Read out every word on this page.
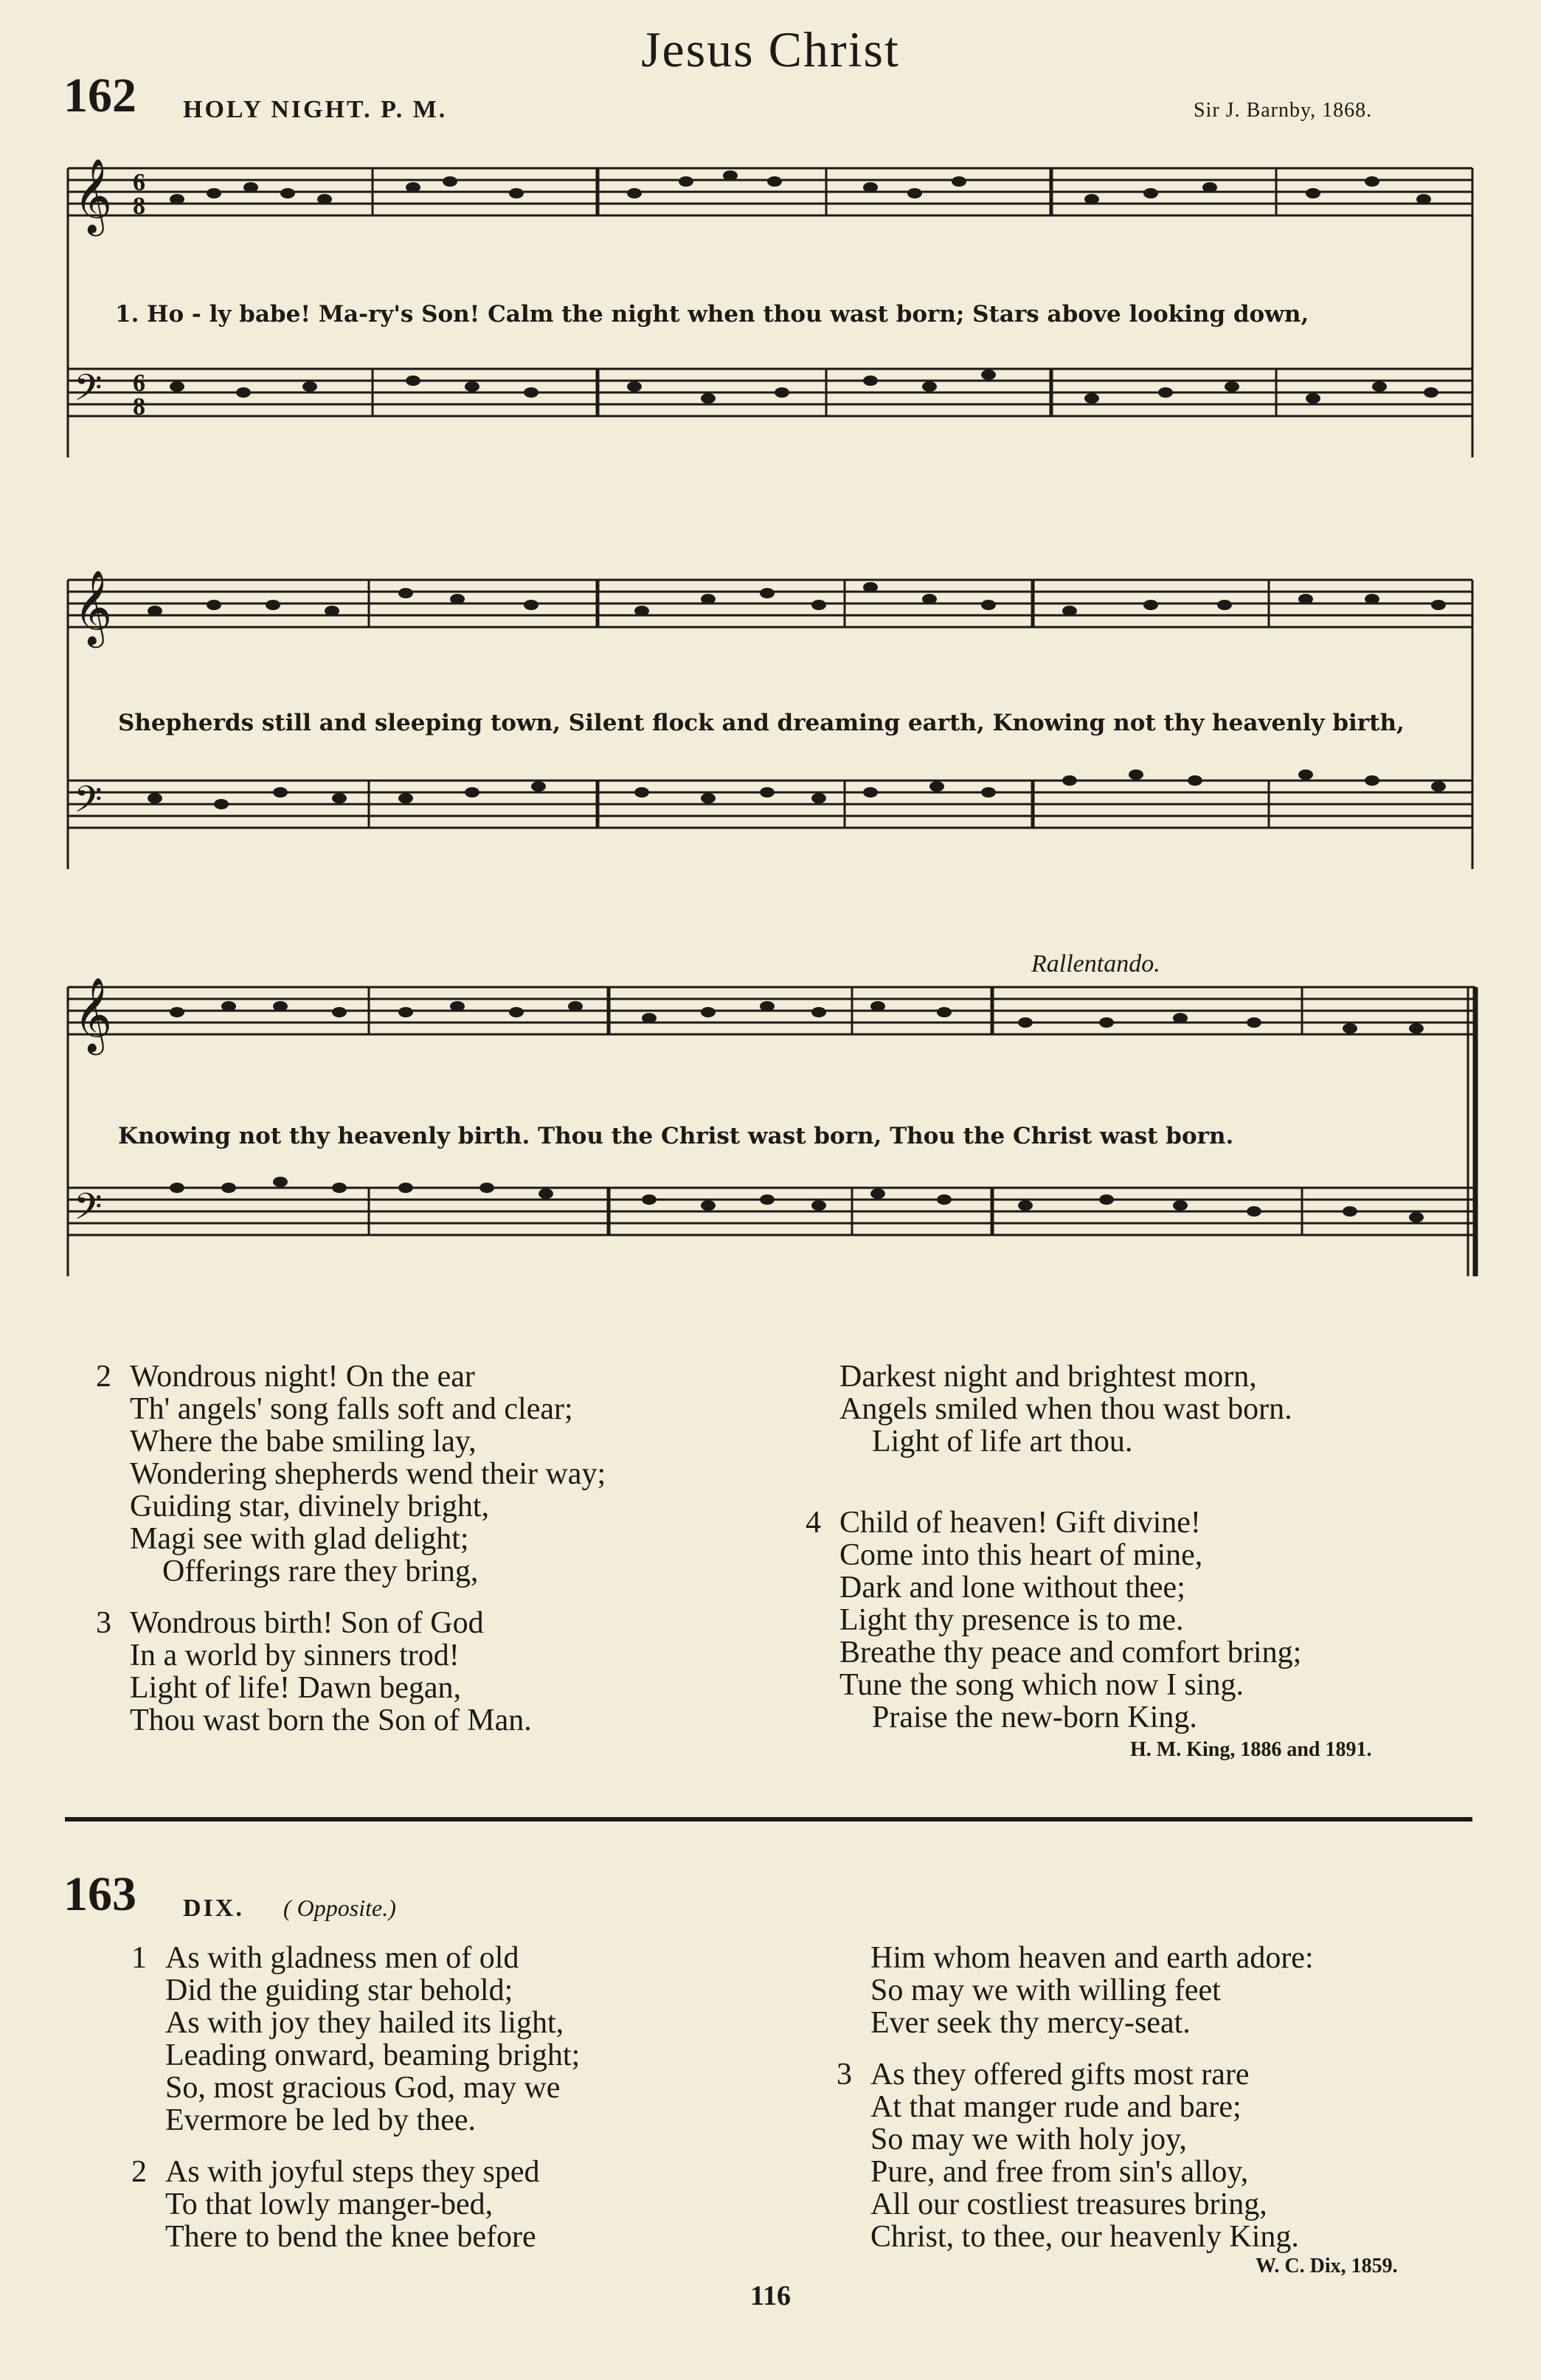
Jesus Christ
162 HOLY NIGHT. P. M.	Sir J. Barnby, 1868.
𝄞
𝄢
6
8
6
8
1. Ho - ly babe! Ma-ry's Son! Calm the night when thou wast born; Stars above looking down,
𝄞
𝄢
Shepherds still and sleeping town, Silent flock and dreaming earth, Knowing not thy heavenly birth,
Rallentando.
𝄞
𝄢
Knowing not thy heavenly birth. Thou the Christ wast born, Thou the Christ wast born.
2 Wondrous night! On the ear
Th' angels' song falls soft and clear;
Where the babe smiling lay,
Wondering shepherds wend their way;
Guiding star, divinely bright,
Magi see with glad delight;
Offerings rare they bring,
3 Wondrous birth! Son of God
In a world by sinners trod!
Light of life! Dawn began,
Thou wast born the Son of Man.
Darkest night and brightest morn,
Angels smiled when thou wast born.
Light of life art thou.
4 Child of heaven! Gift divine!
Come into this heart of mine,
Dark and lone without thee;
Light thy presence is to me.
Breathe thy peace and comfort bring;
Tune the song which now I sing.
Praise the new-born King.
H. M. King, 1886 and 1891.
163 DIX. ( Opposite.)
1 As with gladness men of old
Did the guiding star behold;
As with joy they hailed its light,
Leading onward, beaming bright;
So, most gracious God, may we
Evermore be led by thee.
2 As with joyful steps they sped
To that lowly manger-bed,
There to bend the knee before
Him whom heaven and earth adore:
So may we with willing feet
Ever seek thy mercy-seat.
3 As they offered gifts most rare
At that manger rude and bare;
So may we with holy joy,
Pure, and free from sin's alloy,
All our costliest treasures bring,
Christ, to thee, our heavenly King.
W. C. Dix, 1859.
116
